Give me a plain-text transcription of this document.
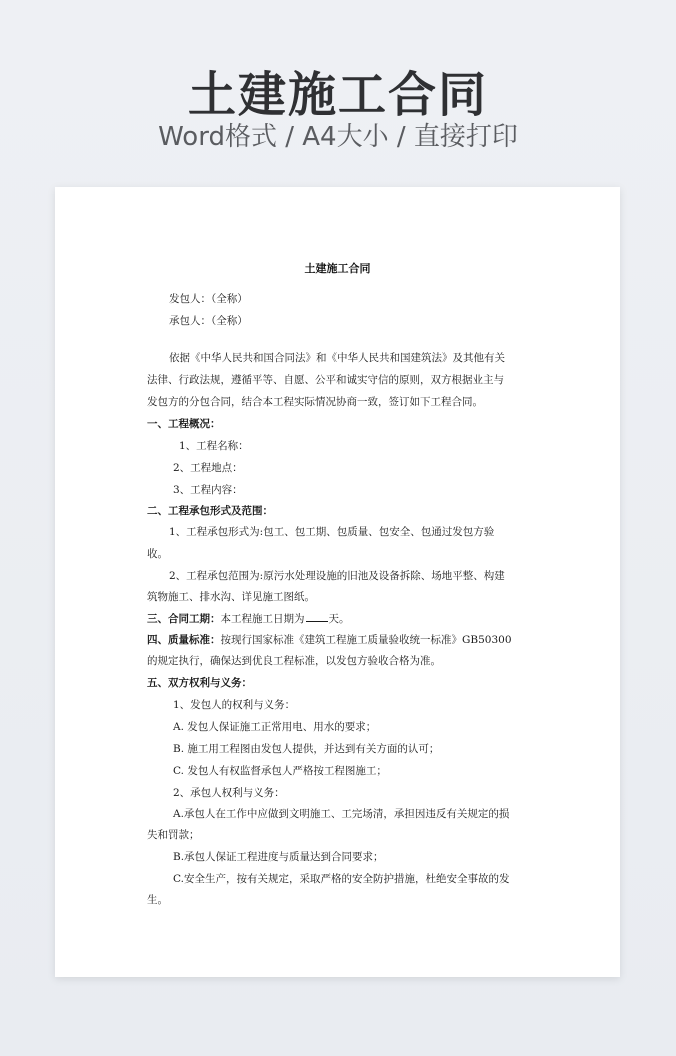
土建施工合同
Word格式 / A4大小 / 直接打印
土建施工合同
发包人：（全称）
承包人：（全称）
依据《中华人民共和国合同法》和《中华人民共和国建筑法》及其他有关
法律、行政法规，遵循平等、自愿、公平和诚实守信的原则，双方根据业主与
发包方的分包合同，结合本工程实际情况协商一致，签订如下工程合同。
一、工程概况：
1、工程名称：
2、工程地点：
3、工程内容：
二、工程承包形式及范围：
1、工程承包形式为:包工、包工期、包质量、包安全、包通过发包方验
收。
2、工程承包范围为:原污水处理设施的旧池及设备拆除、场地平整、构建
筑物施工、排水沟、详见施工图纸。
三、合同工期：本工程施工日期为 天。
四、质量标准：按现行国家标准《建筑工程施工质量验收统一标准》GB50300
的规定执行，确保达到优良工程标准，以发包方验收合格为准。
五、双方权利与义务：
1、发包人的权利与义务：
A. 发包人保证施工正常用电、用水的要求；
B. 施工用工程图由发包人提供，并达到有关方面的认可；
C. 发包人有权监督承包人严格按工程图施工；
2、承包人权利与义务：
A.承包人在工作中应做到文明施工、工完场清，承担因违反有关规定的损
失和罚款；
B.承包人保证工程进度与质量达到合同要求；
C.安全生产，按有关规定，采取严格的安全防护措施，杜绝安全事故的发
生。
